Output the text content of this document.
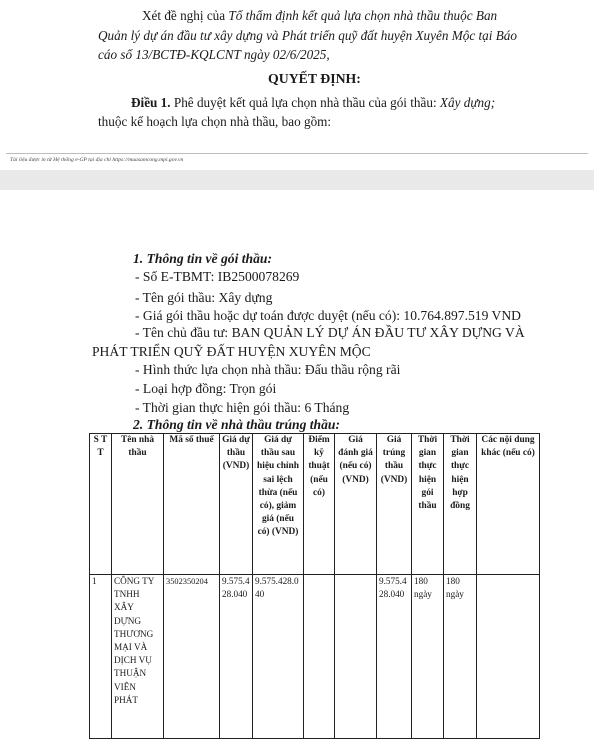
Xét đề nghị của Tổ thẩm định kết quả lựa chọn nhà thầu thuộc Ban
Quản lý dự án đầu tư xây dựng và Phát triển quỹ đất huyện Xuyên Mộc tại Báo
cáo số 13/BCTĐ-KQLCNT ngày 02/6/2025,
QUYẾT ĐỊNH:
Điều 1. Phê duyệt kết quả lựa chọn nhà thầu của gói thầu: Xây dựng;
thuộc kế hoạch lựa chọn nhà thầu, bao gồm:
Tài liệu được in từ Hệ thống e-GP tại địa chỉ https://muasamcong.mpi.gov.vn
1. Thông tin về gói thầu:
- Số E-TBMT: IB2500078269
- Tên gói thầu: Xây dựng
- Giá gói thầu hoặc dự toán được duyệt (nếu có): 10.764.897.519 VND
- Tên chủ đầu tư: BAN QUẢN LÝ DỰ ÁN ĐẦU TƯ XÂY DỰNG VÀ
PHÁT TRIỂN QUỸ ĐẤT HUYỆN XUYÊN MỘC
- Hình thức lựa chọn nhà thầu: Đấu thầu rộng rãi
- Loại hợp đồng: Trọn gói
- Thời gian thực hiện gói thầu: 6 Tháng
2. Thông tin về nhà thầu trúng thầu:
S T T	Tên nhà thầu	Mã số thuế	Giá dự thầu (VND)	Giá dự thầu sau hiệu chỉnh sai lệch thừa (nếu có), giảm giá (nếu có) (VND)	Điểm kỹ thuật (nếu có)	Giá đánh giá (nếu có) (VND)	Giá trúng thầu (VND)	Thời gian thực hiện gói thầu	Thời gian thực hiện hợp đồng	Các nội dung khác (nếu có)
1	CÔNG TY TNHH XÂY DỰNG THƯƠNG MẠI VÀ DỊCH VỤ THUẬN VIÊN PHÁT	3502350204	9.575.428.040	9.575.428.040			9.575.428.040	180 ngày	180 ngày	
